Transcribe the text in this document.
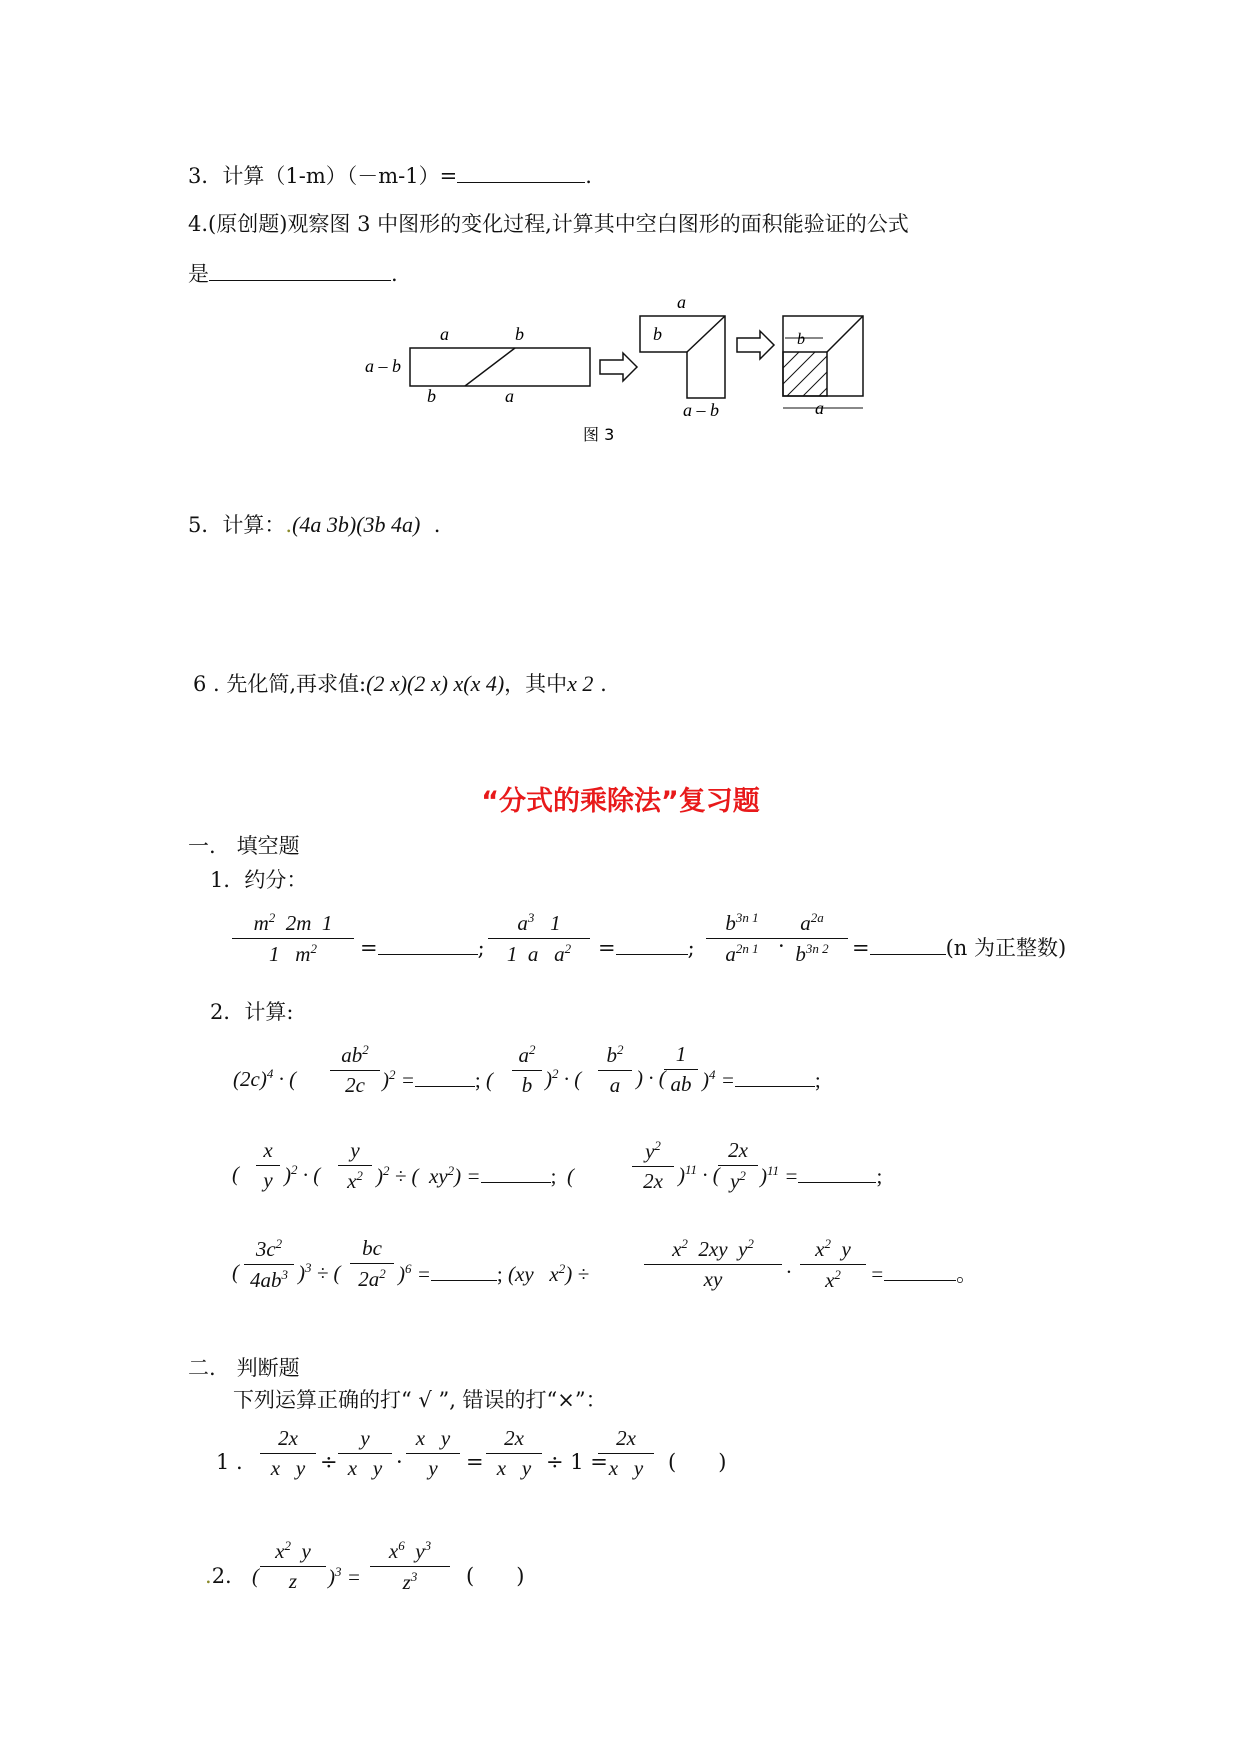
3．计算（1-m）（－m-1）=	.
4.(原创题)观察图 3 中图形的变化过程,计算其中空白图形的面积能验证的公式
是	.
a	b
a – b
b	a
a
b
a – b
b
a
图 3
5．计算：.(4a 3b)(3b 4a) .
6 . 先化简,再求值:(2 x)(2 x) x(x 4)，其中x 2 .
“分式的乘除法”复习题
一.　填空题
1．约分：
$m^2$  2m  1
1   $m^2$	=	;
$a^3$   1
1  a   $a^2$	=	;
$b^{3n 1}$
$a^{2n 1}$ ·
$a^{2a}$
$b^{3n 2}$	=	(n 为正整数)
2．计算:
$(2c)^4$ · (
$ab^2$
2c )$^2$ =	; (
$a^2$
b )$^2$ · (
$b^2$
a ) · (
1
ab )$^4$ =	;
(
x
y )$^2$ · (
y
$x^2$ )$^2$ ÷ (  $xy^2$) =	;  (
$y^2$
2x )$^{11}$ · (
2x
$y^2$ )$^{11}$ =	;
(
$3c^2$
$4ab^3$ )$^3$ ÷ (
bc
$2a^2$ )$^6$ =	; (xy   $x^2$) ÷
$x^2$  2xy  $y^2$
xy	·
$x^2$  y
$x^2$	=	。
二.　判断题
下列运算正确的打“ √ ”, 错误的打“×”：
1 .
2x
x   y ÷
y
x   y ·
x   y
y	=
2x
x   y ÷ 1 =
2x
x   y	(　　)
.2. (
$x^2$  y
z	)$^3$ =
$x^6$  $y^3$
$z^3$	(　　)
